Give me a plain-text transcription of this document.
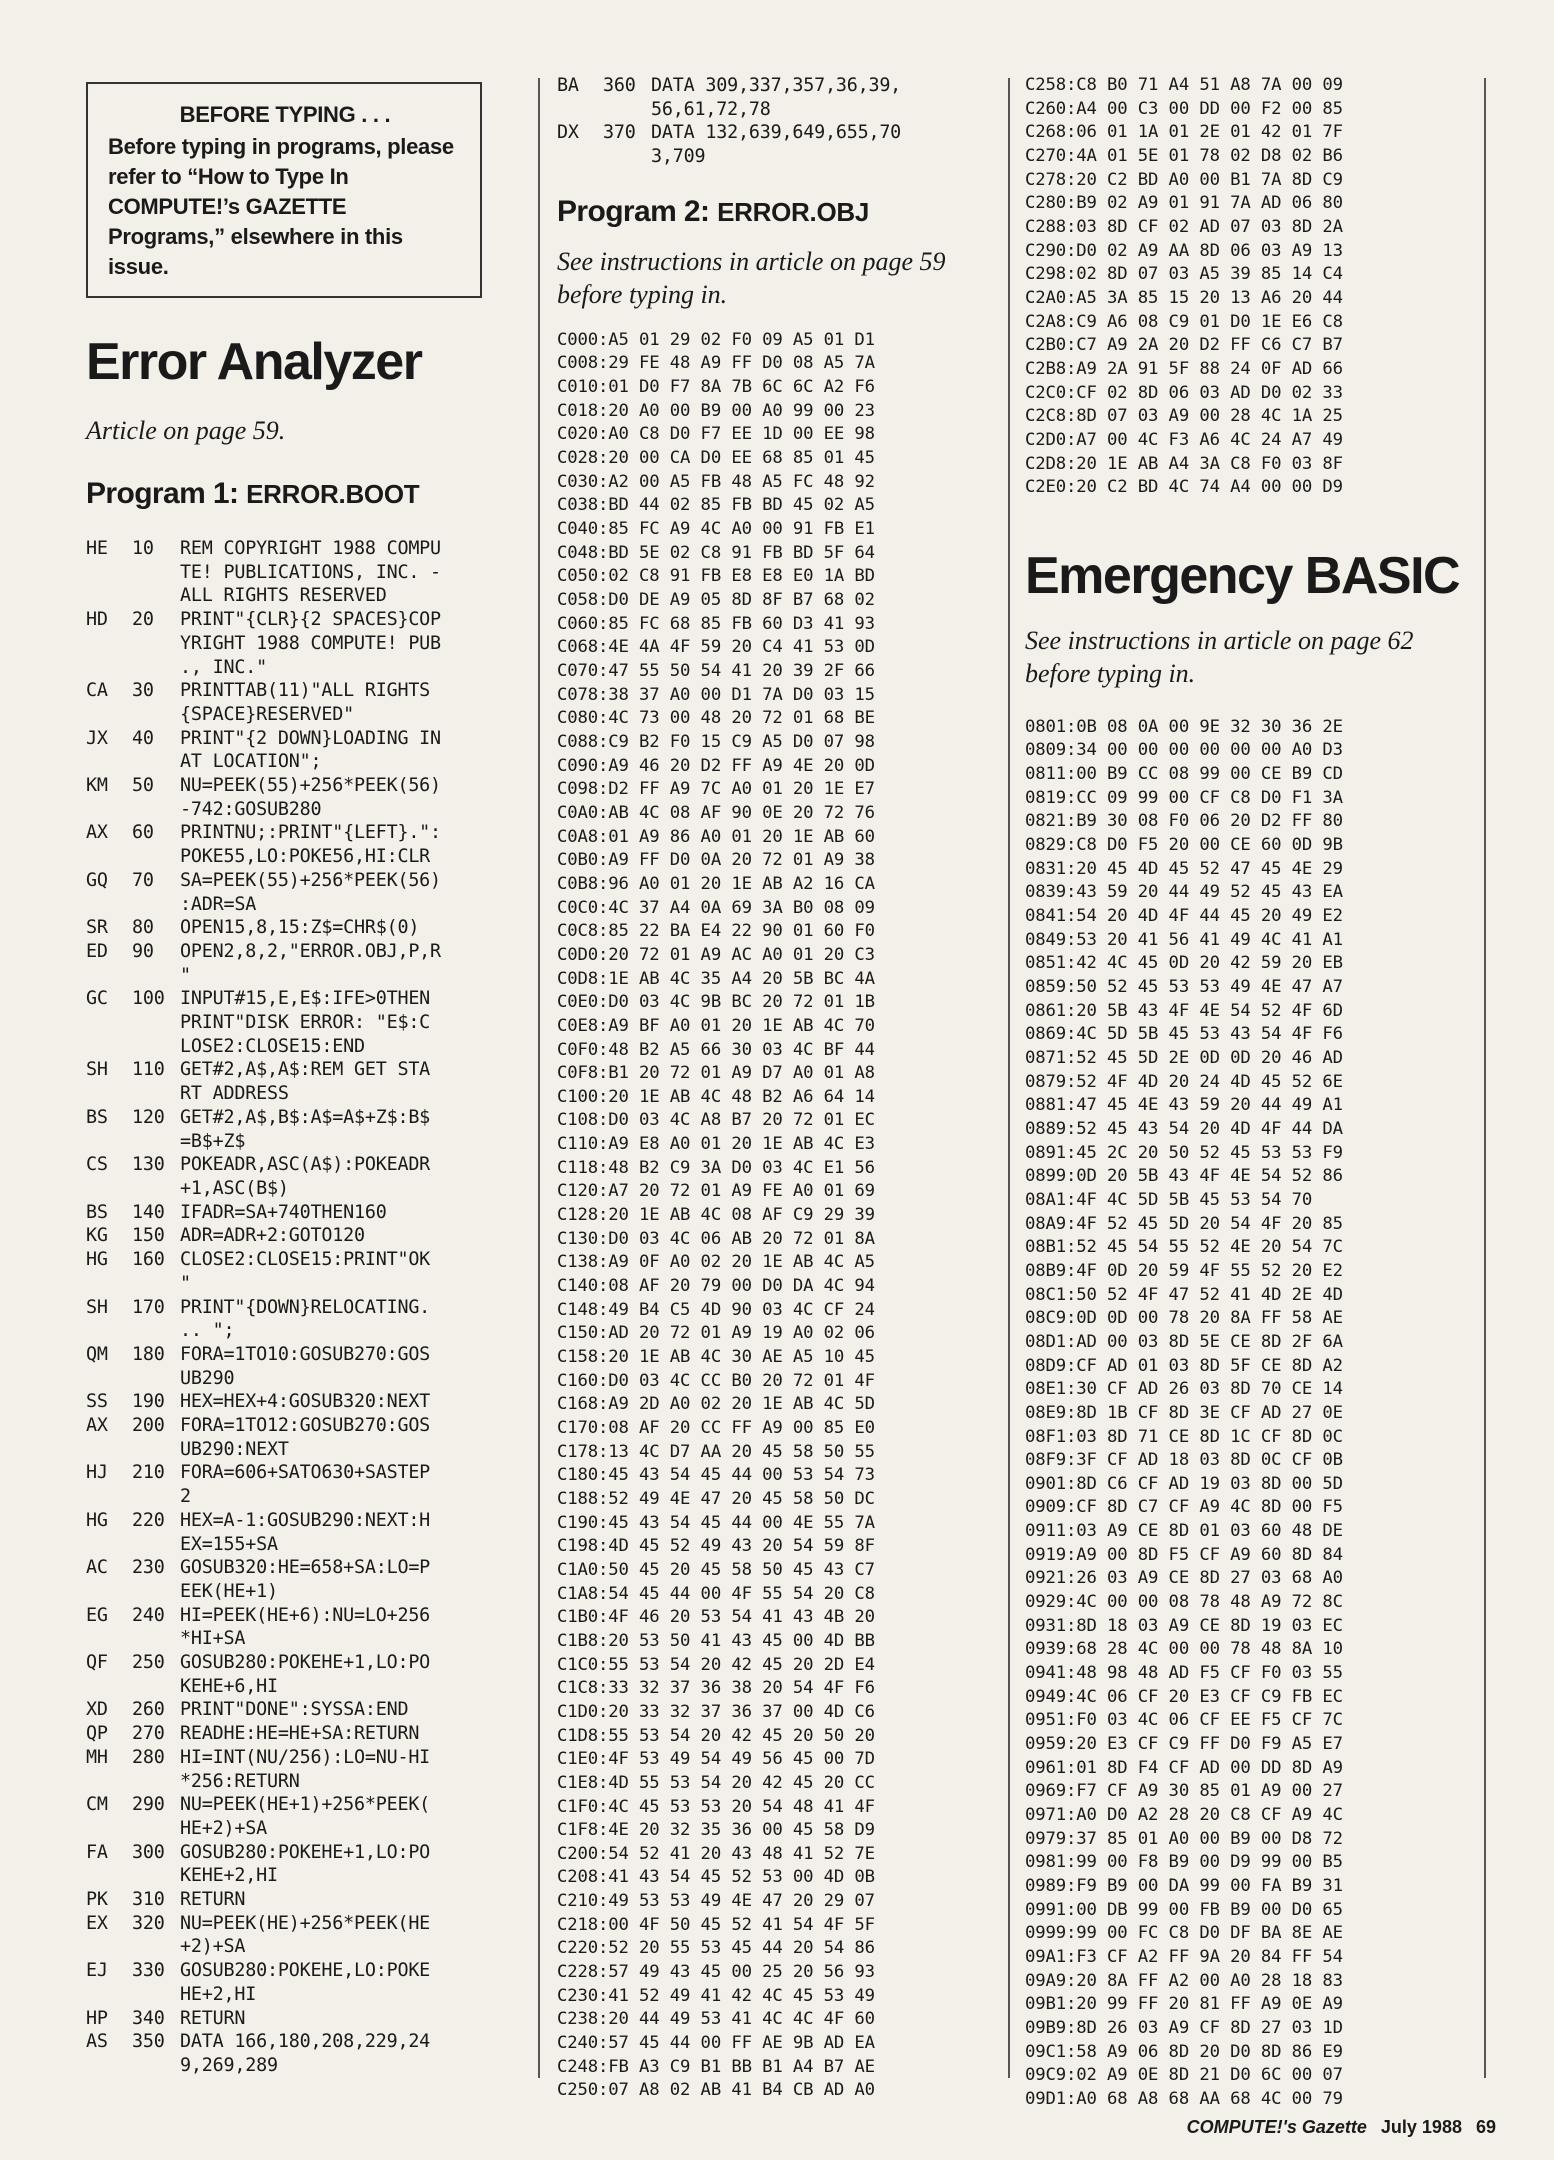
BEFORE TYPING . . .
Before typing in programs, please refer to “How to Type In COMPUTE!’s GAZETTE Programs,” elsewhere in this issue.
Error Analyzer
Article on page 59.
Program 1: ERROR.BOOT
HE	10	REM COPYRIGHT 1988 COMPU
TE! PUBLICATIONS, INC. -
ALL RIGHTS RESERVED
HD	20	PRINT"{CLR}{2 SPACES}COP
YRIGHT 1988 COMPUTE! PUB
., INC."
CA	30	PRINTTAB(11)"ALL RIGHTS
{SPACE}RESERVED"
JX	40	PRINT"{2 DOWN}LOADING IN
AT LOCATION";
KM	50	NU=PEEK(55)+256*PEEK(56)
-742:GOSUB280
AX	60	PRINTNU;:PRINT"{LEFT}.":
POKE55,LO:POKE56,HI:CLR
GQ	70	SA=PEEK(55)+256*PEEK(56)
:ADR=SA
SR	80	OPEN15,8,15:Z$=CHR$(0)
ED	90	OPEN2,8,2,"ERROR.OBJ,P,R
"
GC	100 INPUT#15,E,E$:IFE>0THEN
PRINT"DISK ERROR: "E$:C
LOSE2:CLOSE15:END
SH	110 GET#2,A$,A$:REM GET STA
RT ADDRESS
BS	120 GET#2,A$,B$:A$=A$+Z$:B$
=B$+Z$
CS	130 POKEADR,ASC(A$):POKEADR
+1,ASC(B$)
BS	140 IFADR=SA+740THEN160
KG	150 ADR=ADR+2:GOTO120
HG	160 CLOSE2:CLOSE15:PRINT"OK
"
SH	170 PRINT"{DOWN}RELOCATING.
.. ";
QM	180 FORA=1TO10:GOSUB270:GOS
UB290
SS	190 HEX=HEX+4:GOSUB320:NEXT
AX	200 FORA=1TO12:GOSUB270:GOS
UB290:NEXT
HJ	210 FORA=606+SATO630+SASTEP
2
HG	220 HEX=A-1:GOSUB290:NEXT:H
EX=155+SA
AC	230 GOSUB320:HE=658+SA:LO=P
EEK(HE+1)
EG	240 HI=PEEK(HE+6):NU=LO+256
*HI+SA
QF	250 GOSUB280:POKEHE+1,LO:PO
KEHE+6,HI
XD	260 PRINT"DONE":SYSSA:END
QP	270 READHE:HE=HE+SA:RETURN
MH	280 HI=INT(NU/256):LO=NU-HI
*256:RETURN
CM	290 NU=PEEK(HE+1)+256*PEEK(
HE+2)+SA
FA	300 GOSUB280:POKEHE+1,LO:PO
KEHE+2,HI
PK	310 RETURN
EX	320 NU=PEEK(HE)+256*PEEK(HE
+2)+SA
EJ	330 GOSUB280:POKEHE,LO:POKE
HE+2,HI
HP	340 RETURN
AS	350 DATA 166,180,208,229,24
9,269,289
BA	360 DATA 309,337,357,36,39,
56,61,72,78
DX	370 DATA 132,639,649,655,70
3,709
Program 2: ERROR.OBJ
See instructions in article on page 59 before typing in.
C000:A5 01 29 02 F0 09 A5 01 D1
C008:29 FE 48 A9 FF D0 08 A5 7A
C010:01 D0 F7 8A 7B 6C 6C A2 F6
C018:20 A0 00 B9 00 A0 99 00 23
C020:A0 C8 D0 F7 EE 1D 00 EE 98
C028:20 00 CA D0 EE 68 85 01 45
C030:A2 00 A5 FB 48 A5 FC 48 92
C038:BD 44 02 85 FB BD 45 02 A5
C040:85 FC A9 4C A0 00 91 FB E1
C048:BD 5E 02 C8 91 FB BD 5F 64
C050:02 C8 91 FB E8 E8 E0 1A BD
C058:D0 DE A9 05 8D 8F B7 68 02
C060:85 FC 68 85 FB 60 D3 41 93
C068:4E 4A 4F 59 20 C4 41 53 0D
C070:47 55 50 54 41 20 39 2F 66
C078:38 37 A0 00 D1 7A D0 03 15
C080:4C 73 00 48 20 72 01 68 BE
C088:C9 B2 F0 15 C9 A5 D0 07 98
C090:A9 46 20 D2 FF A9 4E 20 0D
C098:D2 FF A9 7C A0 01 20 1E E7
C0A0:AB 4C 08 AF 90 0E 20 72 76
C0A8:01 A9 86 A0 01 20 1E AB 60
C0B0:A9 FF D0 0A 20 72 01 A9 38
C0B8:96 A0 01 20 1E AB A2 16 CA
C0C0:4C 37 A4 0A 69 3A B0 08 09
C0C8:85 22 BA E4 22 90 01 60 F0
C0D0:20 72 01 A9 AC A0 01 20 C3
C0D8:1E AB 4C 35 A4 20 5B BC 4A
C0E0:D0 03 4C 9B BC 20 72 01 1B
C0E8:A9 BF A0 01 20 1E AB 4C 70
C0F0:48 B2 A5 66 30 03 4C BF 44
C0F8:B1 20 72 01 A9 D7 A0 01 A8
C100:20 1E AB 4C 48 B2 A6 64 14
C108:D0 03 4C A8 B7 20 72 01 EC
C110:A9 E8 A0 01 20 1E AB 4C E3
C118:48 B2 C9 3A D0 03 4C E1 56
C120:A7 20 72 01 A9 FE A0 01 69
C128:20 1E AB 4C 08 AF C9 29 39
C130:D0 03 4C 06 AB 20 72 01 8A
C138:A9 0F A0 02 20 1E AB 4C A5
C140:08 AF 20 79 00 D0 DA 4C 94
C148:49 B4 C5 4D 90 03 4C CF 24
C150:AD 20 72 01 A9 19 A0 02 06
C158:20 1E AB 4C 30 AE A5 10 45
C160:D0 03 4C CC B0 20 72 01 4F
C168:A9 2D A0 02 20 1E AB 4C 5D
C170:08 AF 20 CC FF A9 00 85 E0
C178:13 4C D7 AA 20 45 58 50 55
C180:45 43 54 45 44 00 53 54 73
C188:52 49 4E 47 20 45 58 50 DC
C190:45 43 54 45 44 00 4E 55 7A
C198:4D 45 52 49 43 20 54 59 8F
C1A0:50 45 20 45 58 50 45 43 C7
C1A8:54 45 44 00 4F 55 54 20 C8
C1B0:4F 46 20 53 54 41 43 4B 20
C1B8:20 53 50 41 43 45 00 4D BB
C1C0:55 53 54 20 42 45 20 2D E4
C1C8:33 32 37 36 38 20 54 4F F6
C1D0:20 33 32 37 36 37 00 4D C6
C1D8:55 53 54 20 42 45 20 50 20
C1E0:4F 53 49 54 49 56 45 00 7D
C1E8:4D 55 53 54 20 42 45 20 CC
C1F0:4C 45 53 53 20 54 48 41 4F
C1F8:4E 20 32 35 36 00 45 58 D9
C200:54 52 41 20 43 48 41 52 7E
C208:41 43 54 45 52 53 00 4D 0B
C210:49 53 53 49 4E 47 20 29 07
C218:00 4F 50 45 52 41 54 4F 5F
C220:52 20 55 53 45 44 20 54 86
C228:57 49 43 45 00 25 20 56 93
C230:41 52 49 41 42 4C 45 53 49
C238:20 44 49 53 41 4C 4C 4F 60
C240:57 45 44 00 FF AE 9B AD EA
C248:FB A3 C9 B1 BB B1 A4 B7 AE
C250:07 A8 02 AB 41 B4 CB AD A0
C258:C8 B0 71 A4 51 A8 7A 00 09
C260:A4 00 C3 00 DD 00 F2 00 85
C268:06 01 1A 01 2E 01 42 01 7F
C270:4A 01 5E 01 78 02 D8 02 B6
C278:20 C2 BD A0 00 B1 7A 8D C9
C280:B9 02 A9 01 91 7A AD 06 80
C288:03 8D CF 02 AD 07 03 8D 2A
C290:D0 02 A9 AA 8D 06 03 A9 13
C298:02 8D 07 03 A5 39 85 14 C4
C2A0:A5 3A 85 15 20 13 A6 20 44
C2A8:C9 A6 08 C9 01 D0 1E E6 C8
C2B0:C7 A9 2A 20 D2 FF C6 C7 B7
C2B8:A9 2A 91 5F 88 24 0F AD 66
C2C0:CF 02 8D 06 03 AD D0 02 33
C2C8:8D 07 03 A9 00 28 4C 1A 25
C2D0:A7 00 4C F3 A6 4C 24 A7 49
C2D8:20 1E AB A4 3A C8 F0 03 8F
C2E0:20 C2 BD 4C 74 A4 00 00 D9
Emergency BASIC
See instructions in article on page 62 before typing in.
0801:0B 08 0A 00 9E 32 30 36 2E
0809:34 00 00 00 00 00 00 A0 D3
0811:00 B9 CC 08 99 00 CE B9 CD
0819:CC 09 99 00 CF C8 D0 F1 3A
0821:B9 30 08 F0 06 20 D2 FF 80
0829:C8 D0 F5 20 00 CE 60 0D 9B
0831:20 45 4D 45 52 47 45 4E 29
0839:43 59 20 44 49 52 45 43 EA
0841:54 20 4D 4F 44 45 20 49 E2
0849:53 20 41 56 41 49 4C 41 A1
0851:42 4C 45 0D 20 42 59 20 EB
0859:50 52 45 53 53 49 4E 47 A7
0861:20 5B 43 4F 4E 54 52 4F 6D
0869:4C 5D 5B 45 53 43 54 4F F6
0871:52 45 5D 2E 0D 0D 20 46 AD
0879:52 4F 4D 20 24 4D 45 52 6E
0881:47 45 4E 43 59 20 44 49 A1
0889:52 45 43 54 20 4D 4F 44 DA
0891:45 2C 20 50 52 45 53 53 F9
0899:0D 20 5B 43 4F 4E 54 52 86
08A1:4F 4C 5D 5B 45 53 54 70
08A9:4F 52 45 5D 20 54 4F 20 85
08B1:52 45 54 55 52 4E 20 54 7C
08B9:4F 0D 20 59 4F 55 52 20 E2
08C1:50 52 4F 47 52 41 4D 2E 4D
08C9:0D 0D 00 78 20 8A FF 58 AE
08D1:AD 00 03 8D 5E CE 8D 2F 6A
08D9:CF AD 01 03 8D 5F CE 8D A2
08E1:30 CF AD 26 03 8D 70 CE 14
08E9:8D 1B CF 8D 3E CF AD 27 0E
08F1:03 8D 71 CE 8D 1C CF 8D 0C
08F9:3F CF AD 18 03 8D 0C CF 0B
0901:8D C6 CF AD 19 03 8D 00 5D
0909:CF 8D C7 CF A9 4C 8D 00 F5
0911:03 A9 CE 8D 01 03 60 48 DE
0919:A9 00 8D F5 CF A9 60 8D 84
0921:26 03 A9 CE 8D 27 03 68 A0
0929:4C 00 00 08 78 48 A9 72 8C
0931:8D 18 03 A9 CE 8D 19 03 EC
0939:68 28 4C 00 00 78 48 8A 10
0941:48 98 48 AD F5 CF F0 03 55
0949:4C 06 CF 20 E3 CF C9 FB EC
0951:F0 03 4C 06 CF EE F5 CF 7C
0959:20 E3 CF C9 FF D0 F9 A5 E7
0961:01 8D F4 CF AD 00 DD 8D A9
0969:F7 CF A9 30 85 01 A9 00 27
0971:A0 D0 A2 28 20 C8 CF A9 4C
0979:37 85 01 A0 00 B9 00 D8 72
0981:99 00 F8 B9 00 D9 99 00 B5
0989:F9 B9 00 DA 99 00 FA B9 31
0991:00 DB 99 00 FB B9 00 D0 65
0999:99 00 FC C8 D0 DF BA 8E AE
09A1:F3 CF A2 FF 9A 20 84 FF 54
09A9:20 8A FF A2 00 A0 28 18 83
09B1:20 99 FF 20 81 FF A9 0E A9
09B9:8D 26 03 A9 CF 8D 27 03 1D
09C1:58 A9 06 8D 20 D0 8D 86 E9
09C9:02 A9 0E 8D 21 D0 6C 00 07
09D1:A0 68 A8 68 AA 68 4C 00 79
COMPUTE!'s Gazette July 1988 69
